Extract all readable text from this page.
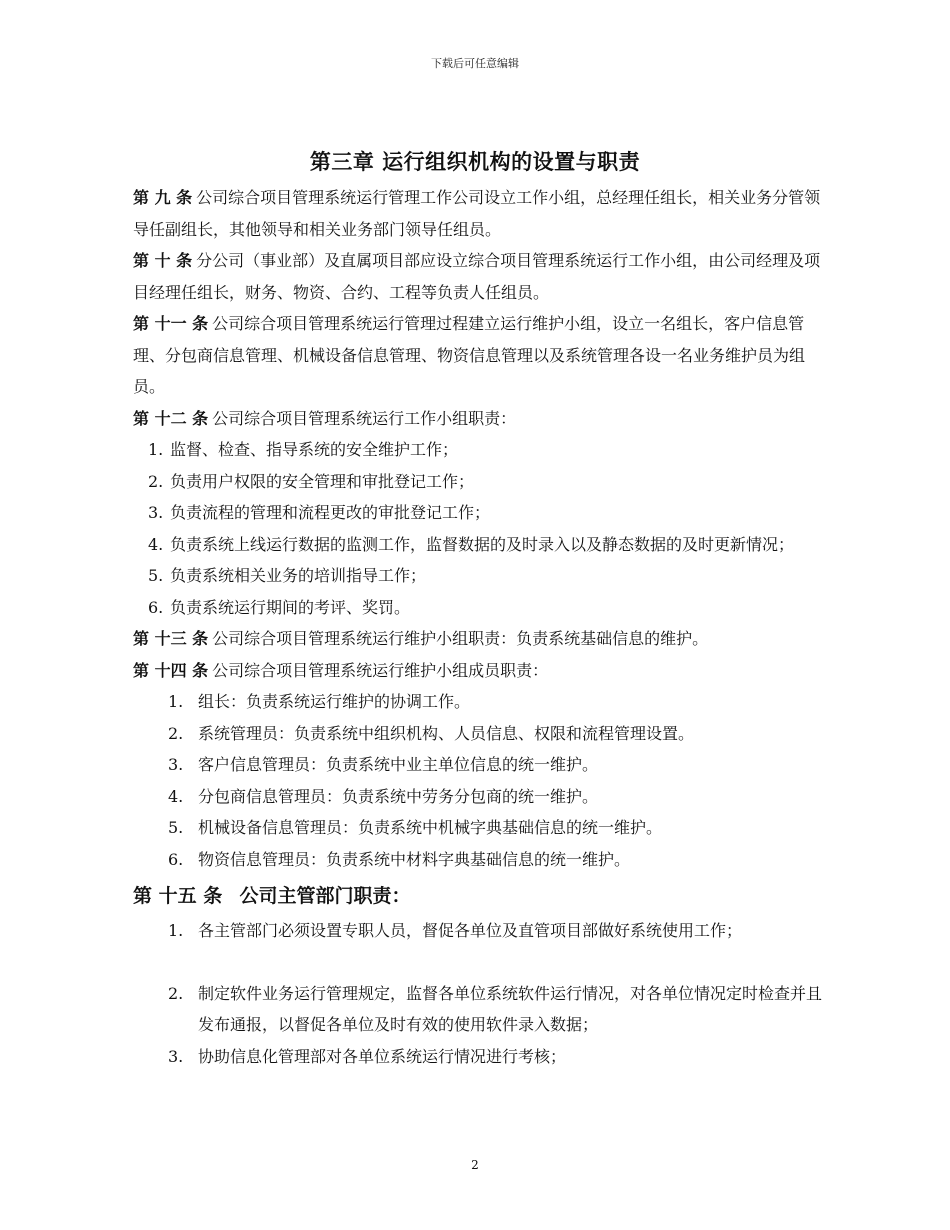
下载后可任意编辑
第三章 运行组织机构的设置与职责

第 九 条 公司综合项目管理系统运行管理工作公司设立工作小组，总经理任组长，相关业务分管领导任副组长，其他领导和相关业务部门领导任组员。

第 十 条 分公司（事业部）及直属项目部应设立综合项目管理系统运行工作小组，由公司经理及项目经理任组长，财务、物资、合约、工程等负责人任组员。

第 十一 条 公司综合项目管理系统运行管理过程建立运行维护小组，设立一名组长，客户信息管理、分包商信息管理、机械设备信息管理、物资信息管理以及系统管理各设一名业务维护员为组员。

第 十二 条 公司综合项目管理系统运行工作小组职责：

1. 监督、检查、指导系统的安全维护工作；
2. 负责用户权限的安全管理和审批登记工作；
3. 负责流程的管理和流程更改的审批登记工作；
4. 负责系统上线运行数据的监测工作，监督数据的及时录入以及静态数据的及时更新情况；
5. 负责系统相关业务的培训指导工作；
6. 负责系统运行期间的考评、奖罚。

第 十三 条 公司综合项目管理系统运行维护小组职责：负责系统基础信息的维护。

第 十四 条 公司综合项目管理系统运行维护小组成员职责：

1. 组长：负责系统运行维护的协调工作。
2. 系统管理员：负责系统中组织机构、人员信息、权限和流程管理设置。
3. 客户信息管理员：负责系统中业主单位信息的统一维护。
4. 分包商信息管理员：负责系统中劳务分包商的统一维护。
5. 机械设备信息管理员：负责系统中机械字典基础信息的统一维护。
6. 物资信息管理员：负责系统中材料字典基础信息的统一维护。

第 十五 条 公司主管部门职责：

1. 各主管部门必须设置专职人员，督促各单位及直管项目部做好系统使用工作；
2. 制定软件业务运行管理规定，监督各单位系统软件运行情况，对各单位情况定时检查并且发布通报，以督促各单位及时有效的使用软件录入数据；
3. 协助信息化管理部对各单位系统运行情况进行考核；
2
